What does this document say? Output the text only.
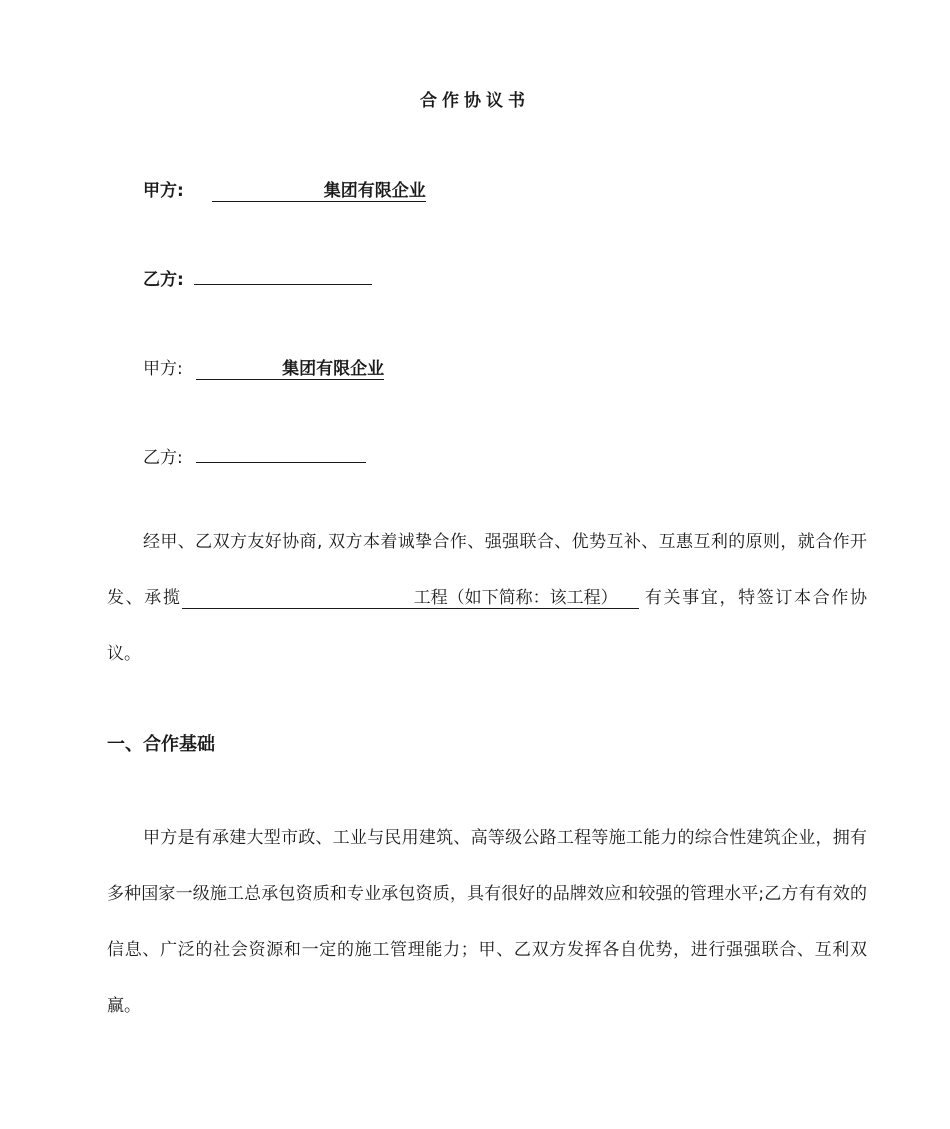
合作协议书
甲方:	集团有限企业
乙方:
甲方:	集团有限企业
乙方:
经甲、乙双方友好协商, 双方本着诚挚合作、强强联合、优势互补、互惠互利的原则，就合作开发、承揽	工程（如下简称：该工程） 有关事宜，特签订本合作协议。
一、合作基础
甲方是有承建大型市政、工业与民用建筑、高等级公路工程等施工能力的综合性建筑企业，拥有多种国家一级施工总承包资质和专业承包资质，具有很好的品牌效应和较强的管理水平;乙方有有效的信息、广泛的社会资源和一定的施工管理能力；甲、乙双方发挥各自优势，进行强强联合、互利双赢。
